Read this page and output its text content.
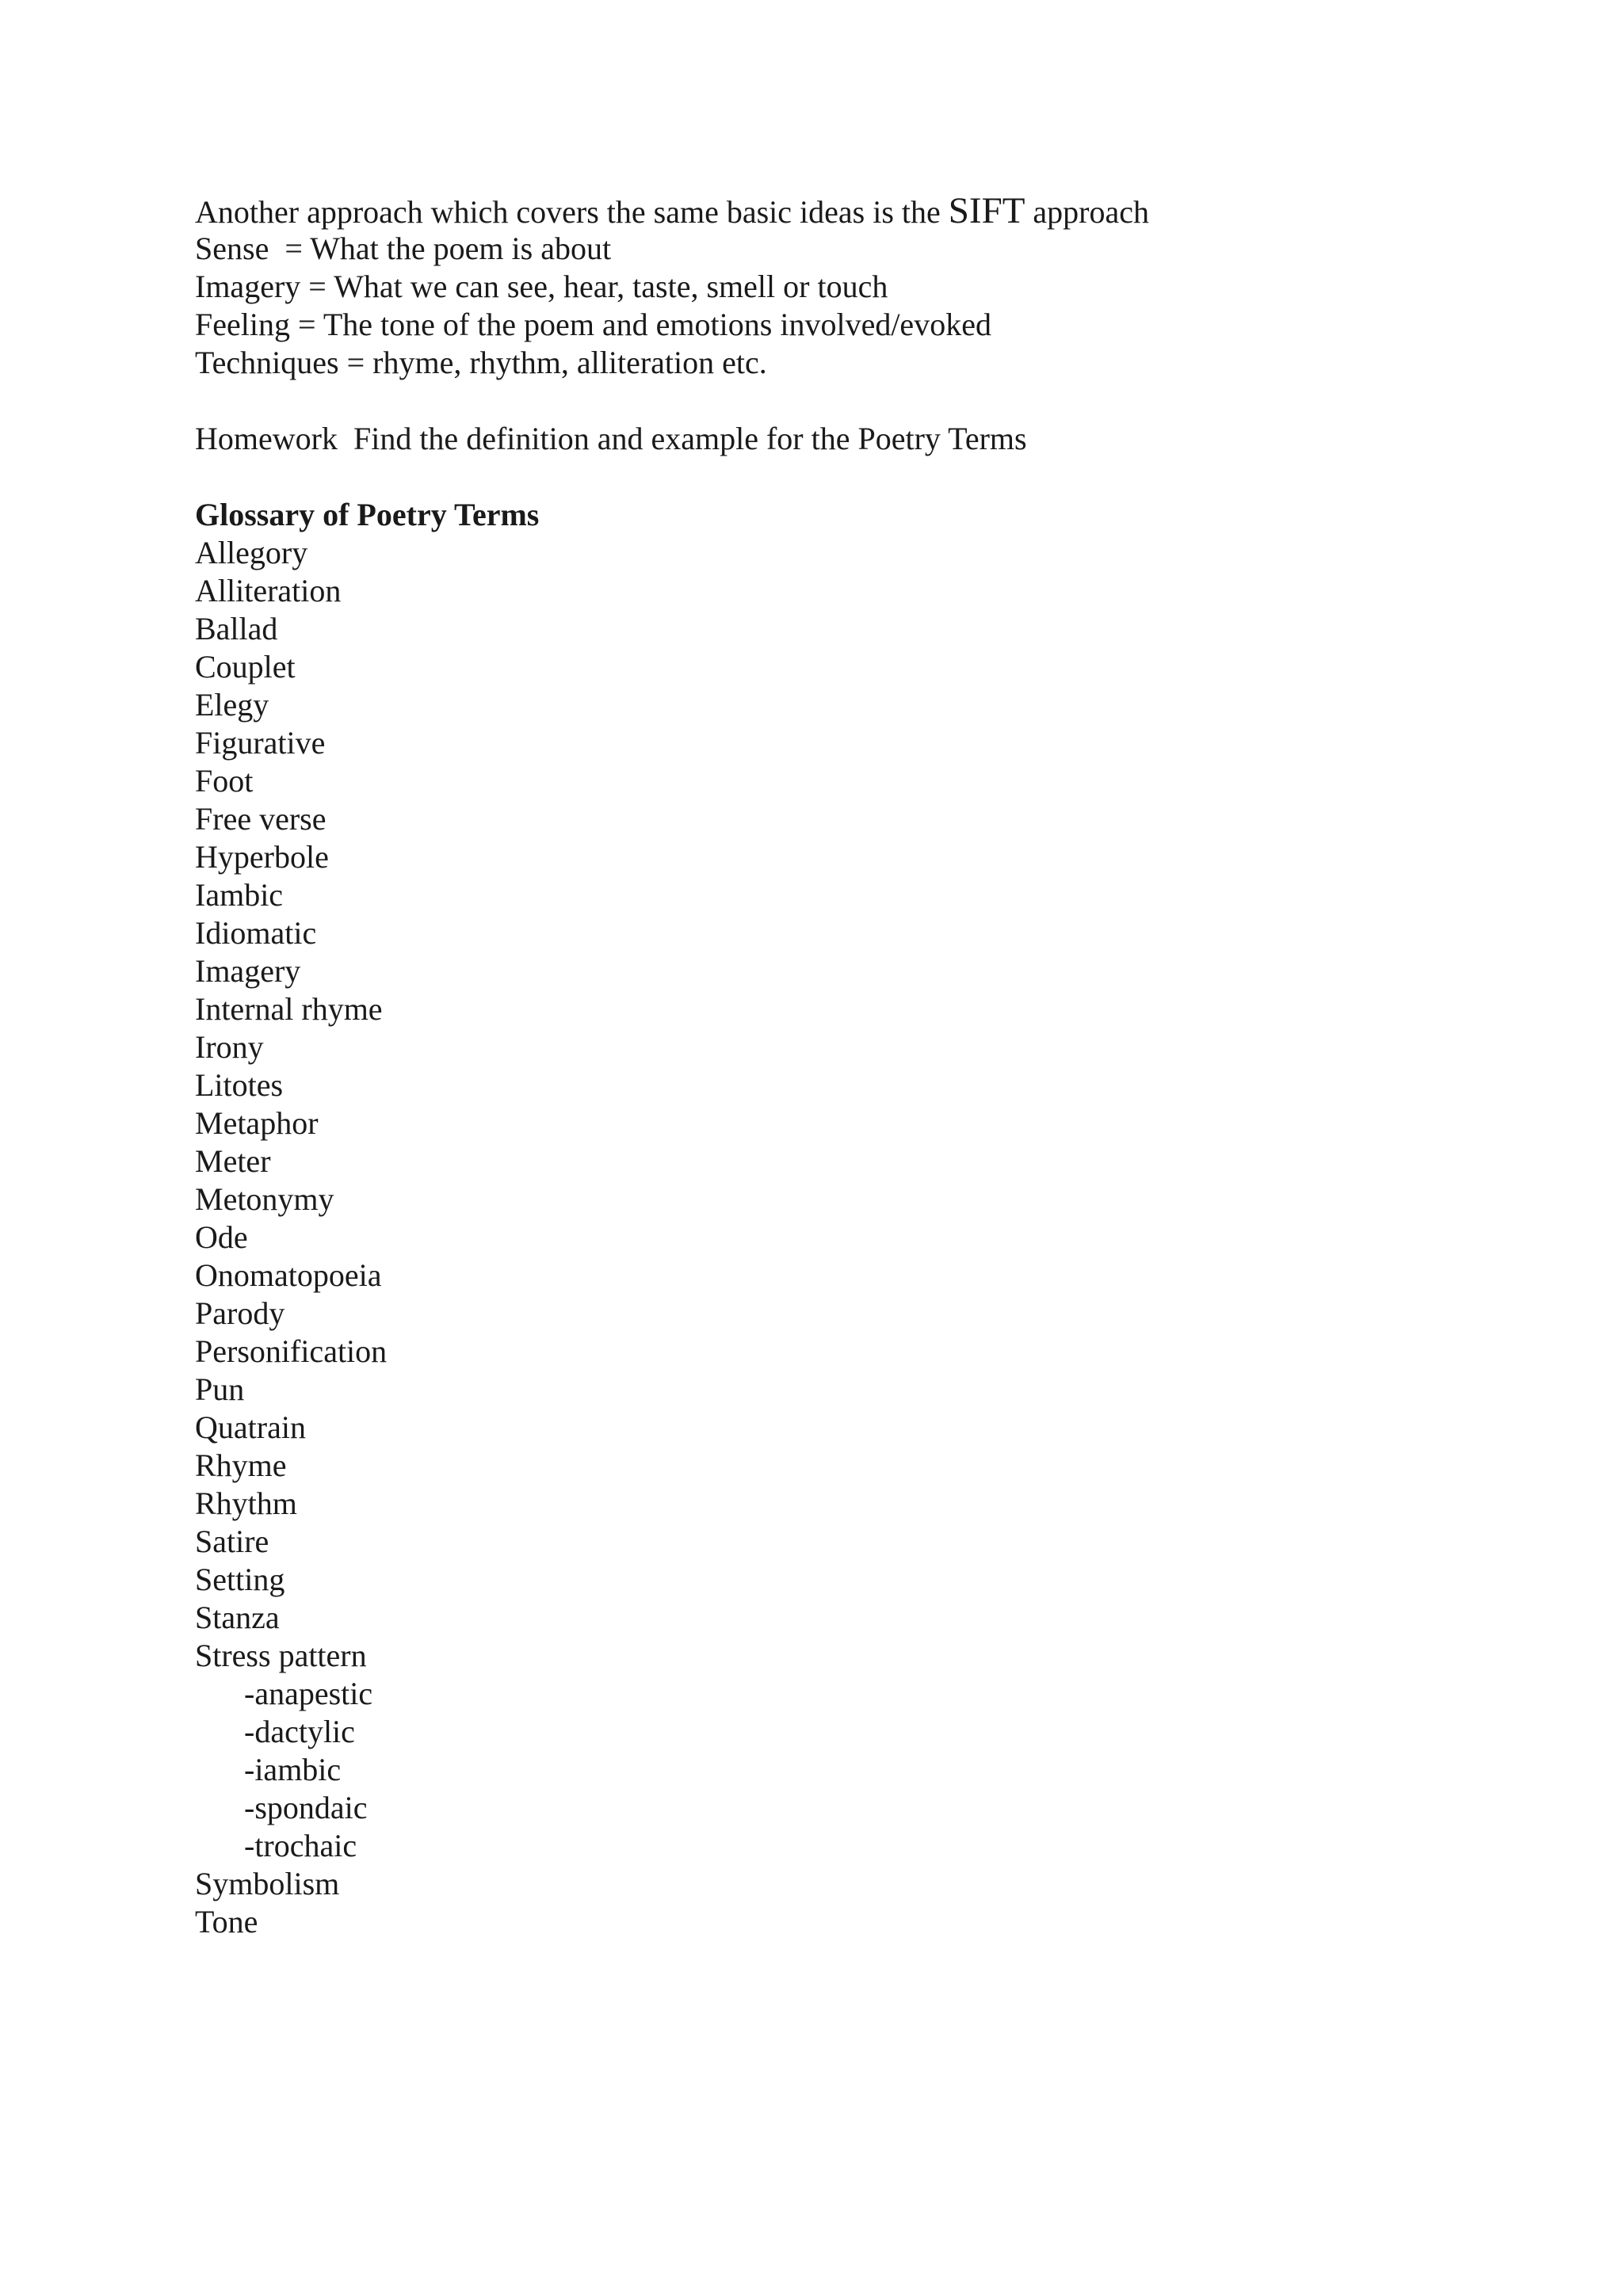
Another approach which covers the same basic ideas is the SIFT approach
Sense  = What the poem is about
Imagery = What we can see, hear, taste, smell or touch
Feeling = The tone of the poem and emotions involved/evoked
Techniques = rhyme, rhythm, alliteration etc.
Homework  Find the definition and example for the Poetry Terms
Glossary of Poetry Terms
Allegory
Alliteration
Ballad
Couplet
Elegy
Figurative
Foot
Free verse
Hyperbole
Iambic
Idiomatic
Imagery
Internal rhyme
Irony
Litotes
Metaphor
Meter
Metonymy
Ode
Onomatopoeia
Parody
Personification
Pun
Quatrain
Rhyme
Rhythm
Satire
Setting
Stanza
Stress pattern
-anapestic
-dactylic
-iambic
-spondaic
-trochaic
Symbolism
Tone
